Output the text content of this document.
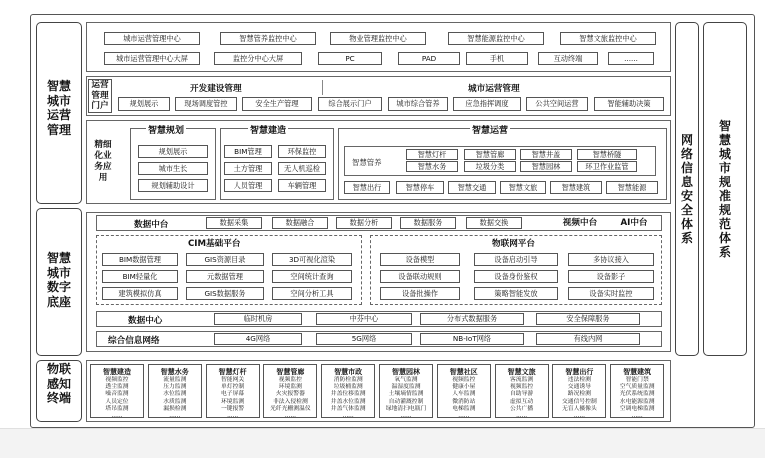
智慧城市运营管理
智慧城市数字底座
物联感知终端
网络信息安全体系
智慧城市规准规范体系
城市运营管理中心	智慧管养监控中心	物业管理监控中心	智慧能源监控中心	智慧文旅监控中心
城市运营管理中心大屏	监控分中心大屏	PC	PAD	手机	互动终端	......
运营管理门户
开发建设管理	城市运营管理
规划展示	现场调度管控	安全生产管理	综合展示门户	城市综合管养	应急指挥调度	公共空间运营	智能辅助决策
精细化业务应用
智慧规划
规划展示
城市生长
规划辅助设计
智慧建造
BIM管理	环保监控
土方管理	无人机巡检
人员管理	车辆管理
智慧运营
智慧管养
智慧灯杆	智慧管廊	智慧井盖	智慧桥隧
智慧水务	垃圾分类	智慧园林	环卫作业监管
智慧出行	智慧停车	智慧交通	智慧文旅	智慧建筑	智慧能源
数据中台	数据采集	数据融合	数据分析	数据服务	数据交换	视频中台	AI中台
CIM基础平台
BIM数据管理	GIS资源目录	3D可视化渲染
BIM轻量化	元数据管理	空间统计查询
建筑模拟仿真	GIS数据服务	空间分析工具
物联网平台
设备模型	设备启动引导	多协议接入
设备联动规则	设备身份鉴权	设备影子
设备批操作	策略智能发放	设备实时监控
数据中心	临时机房	中芬中心	分布式数据服务	安全保障服务
综合信息网络	4G网络	5G网络	NB-IoT网络	有线内网
智慧建造
视频监控
透尘监测
噪音监测
人员定位
塔吊监测
......
智慧水务
流量监测
压力监测
水位监测
水质监测
漏损检测
......
智慧灯杆
智能网关
单灯控制
电子屏幕
环境监测
一键报警
......
智慧管廊
视频监控
环境监测
火灾报警器
非法入侵检测
光纤光栅测温仪
......
智慧市政
消防栓监测
垃圾桶监测
井盖位移监测
井盖水位监测
井盖气体监测
......
智慧园林
氧气监测
温湿度监测
土壤墒情监测
自动灌溉控制
绿地清扫电瓶门
......
智慧社区
视频监控
健康小屋
人车监测
微消防站
电梯监测
......
智慧文旅
客流监测
视频监控
自助导游
虚拟互动
公共广播
......
智慧出行
违法检测
交通诱导
路况检测
交通信号控制
无盲人摄像头
......
智慧建筑
智能门禁
空气质量监测
光伏系统监测
水电能源监测
空调电梯监测
......
